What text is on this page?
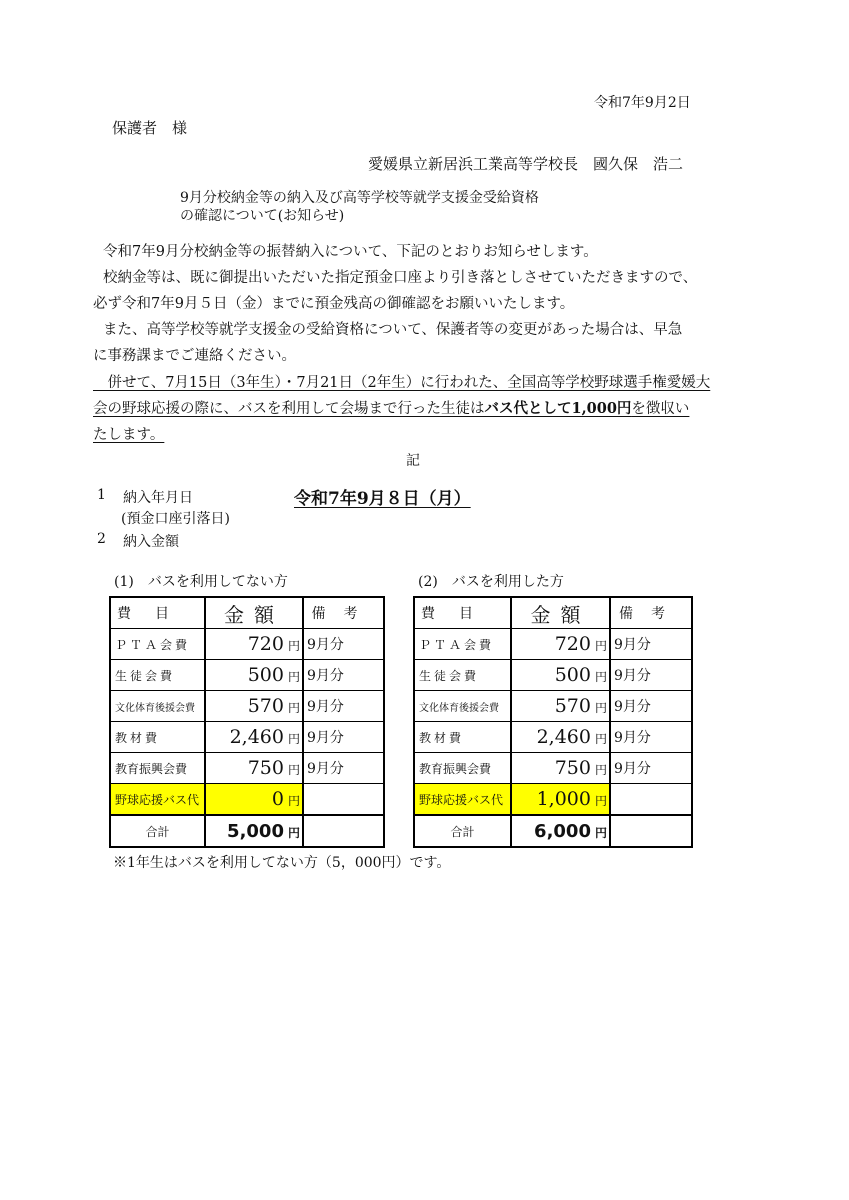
令和7年9月2日
保護者　様
愛媛県立新居浜工業高等学校長　國久保　浩二
9月分校納金等の納入及び高等学校等就学支援金受給資格
の確認について(お知らせ)
令和7年9月分校納金等の振替納入について、下記のとおりお知らせします。
校納金等は、既に御提出いただいた指定預金口座より引き落としさせていただきますので、
必ず令和7年9月５日（金）までに預金残高の御確認をお願いいたします。
また、高等学校等就学支援金の受給資格について、保護者等の変更があった場合は、早急
に事務課までご連絡ください。
　併せて、7月15日（3年生）・7月21日（2年生）に行われた、全国高等学校野球選手権愛媛大
会の野球応援の際に、バスを利用して会場まで行った生徒はバス代として1,000円を徴収い
たします。
記
1 納入年月日	令和7年9月８日（月）
(預金口座引落日)
2 納入金額
(1)　バスを利用してない方
費目	金額	備考
ＰＴＡ会費	720 円	9月分
生徒会費	500 円	9月分
文化体育後援会費	570 円	9月分
教材費	2,460 円	9月分
教育振興会費	750 円	9月分
野球応援バス代	0 円	
合計	5,000 円	
(2)　バスを利用した方
費目	金額	備考
ＰＴＡ会費	720 円	9月分
生徒会費	500 円	9月分
文化体育後援会費	570 円	9月分
教材費	2,460 円	9月分
教育振興会費	750 円	9月分
野球応援バス代	1,000 円	
合計	6,000 円	
※1年生はバスを利用してない方（5，000円）です。
